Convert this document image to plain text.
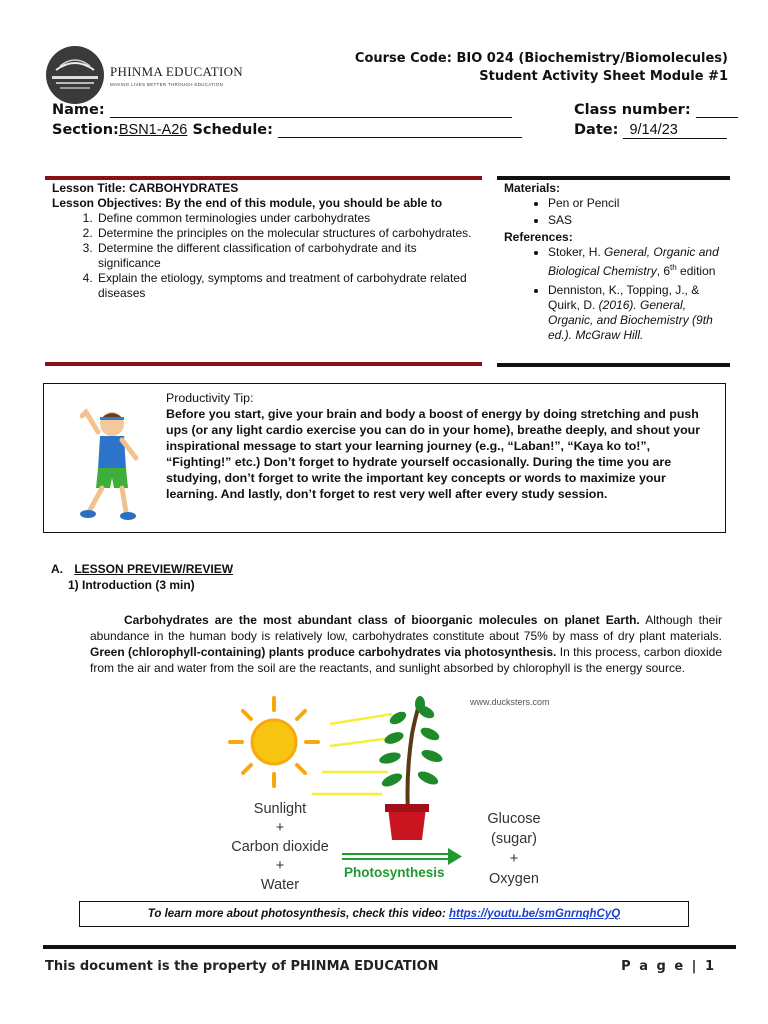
PHINMA EDUCATION
MAKING LIVES BETTER THROUGH EDUCATION
Course Code: BIO 024 (Biochemistry/Biomolecules)
Student Activity Sheet Module #1
Name:	Class number:
Section:BSN1-A26 Schedule:	Date: 9/14/23
Lesson Title: CARBOHYDRATES
Lesson Objectives: By the end of this module, you should be able to
1. Define common terminologies under carbohydrates
2. Determine the principles on the molecular structures of carbohydrates.
3. Determine the different classification of carbohydrate and its significance
4. Explain the etiology, symptoms and treatment of carbohydrate related diseases
Materials:
• Pen or Pencil
• SAS
References:
• Stoker, H. General, Organic and Biological Chemistry, 6th edition
• Denniston, K., Topping, J., & Quirk, D. (2016). General, Organic, and Biochemistry (9th ed.). McGraw Hill.
Productivity Tip:
Before you start, give your brain and body a boost of energy by doing stretching and push ups (or any light cardio exercise you can do in your home), breathe deeply, and shout your inspirational message to start your learning journey (e.g., “Laban!”, “Kaya ko to!”, “Fighting!” etc.) Don’t forget to hydrate yourself occasionally. During the time you are studying, don’t forget to write the important key concepts or words to maximize your learning. And lastly, don’t forget to rest very well after every study session.
A. LESSON PREVIEW/REVIEW
1) Introduction (3 min)
Carbohydrates are the most abundant class of bioorganic molecules on planet Earth. Although their abundance in the human body is relatively low, carbohydrates constitute about 75% by mass of dry plant materials. Green (chlorophyll-containing) plants produce carbohydrates via photosynthesis. In this process, carbon dioxide from the air and water from the soil are the reactants, and sunlight absorbed by chlorophyll is the energy source.
www.ducksters.com
Sunlight
+
Carbon dioxide
+
Water
Photosynthesis
Glucose
(sugar)
+
Oxygen
To learn more about photosynthesis, check this video: https://youtu.be/smGnrnqhCyQ
This document is the property of PHINMA EDUCATION	P a g e | 1
